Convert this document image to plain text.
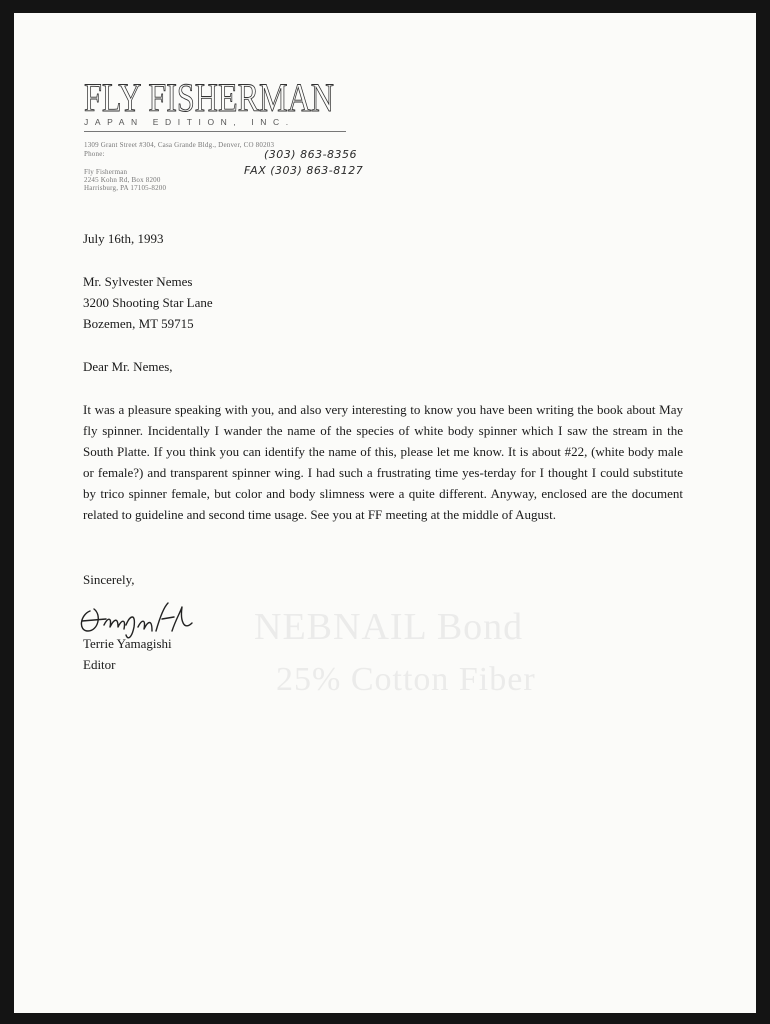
NEBNAIL Bond
25% Cotton Fiber
FLY FISHERMAN
JAPAN EDITION, INC.
1309 Grant Street #304, Casa Grande Bldg., Denver, CO 80203
Phone:	(303) 863-8356
FAX (303) 863-8127
Fly Fisherman
2245 Kohn Rd, Box 8200
Harrisburg, PA 17105-8200
July 16th, 1993
Mr. Sylvester Nemes
3200 Shooting Star Lane
Bozemen, MT 59715
Dear Mr. Nemes,
It was a pleasure speaking with you, and also very interesting to know you have been writing the book about May fly spinner. Incidentally I wander the name of the species of white body spinner which I saw the stream in the South Platte. If you think you can identify the name of this, please let me know. It is about #22, (white body male or female?) and transparent spinner wing. I had such a frustrating time yes-terday for I thought I could substitute by trico spinner female, but color and body slimness were a quite different. Anyway, enclosed are the document related to guideline and second time usage. See you at FF meeting at the middle of August.
Sincerely,
Terrie Yamagishi
Editor
